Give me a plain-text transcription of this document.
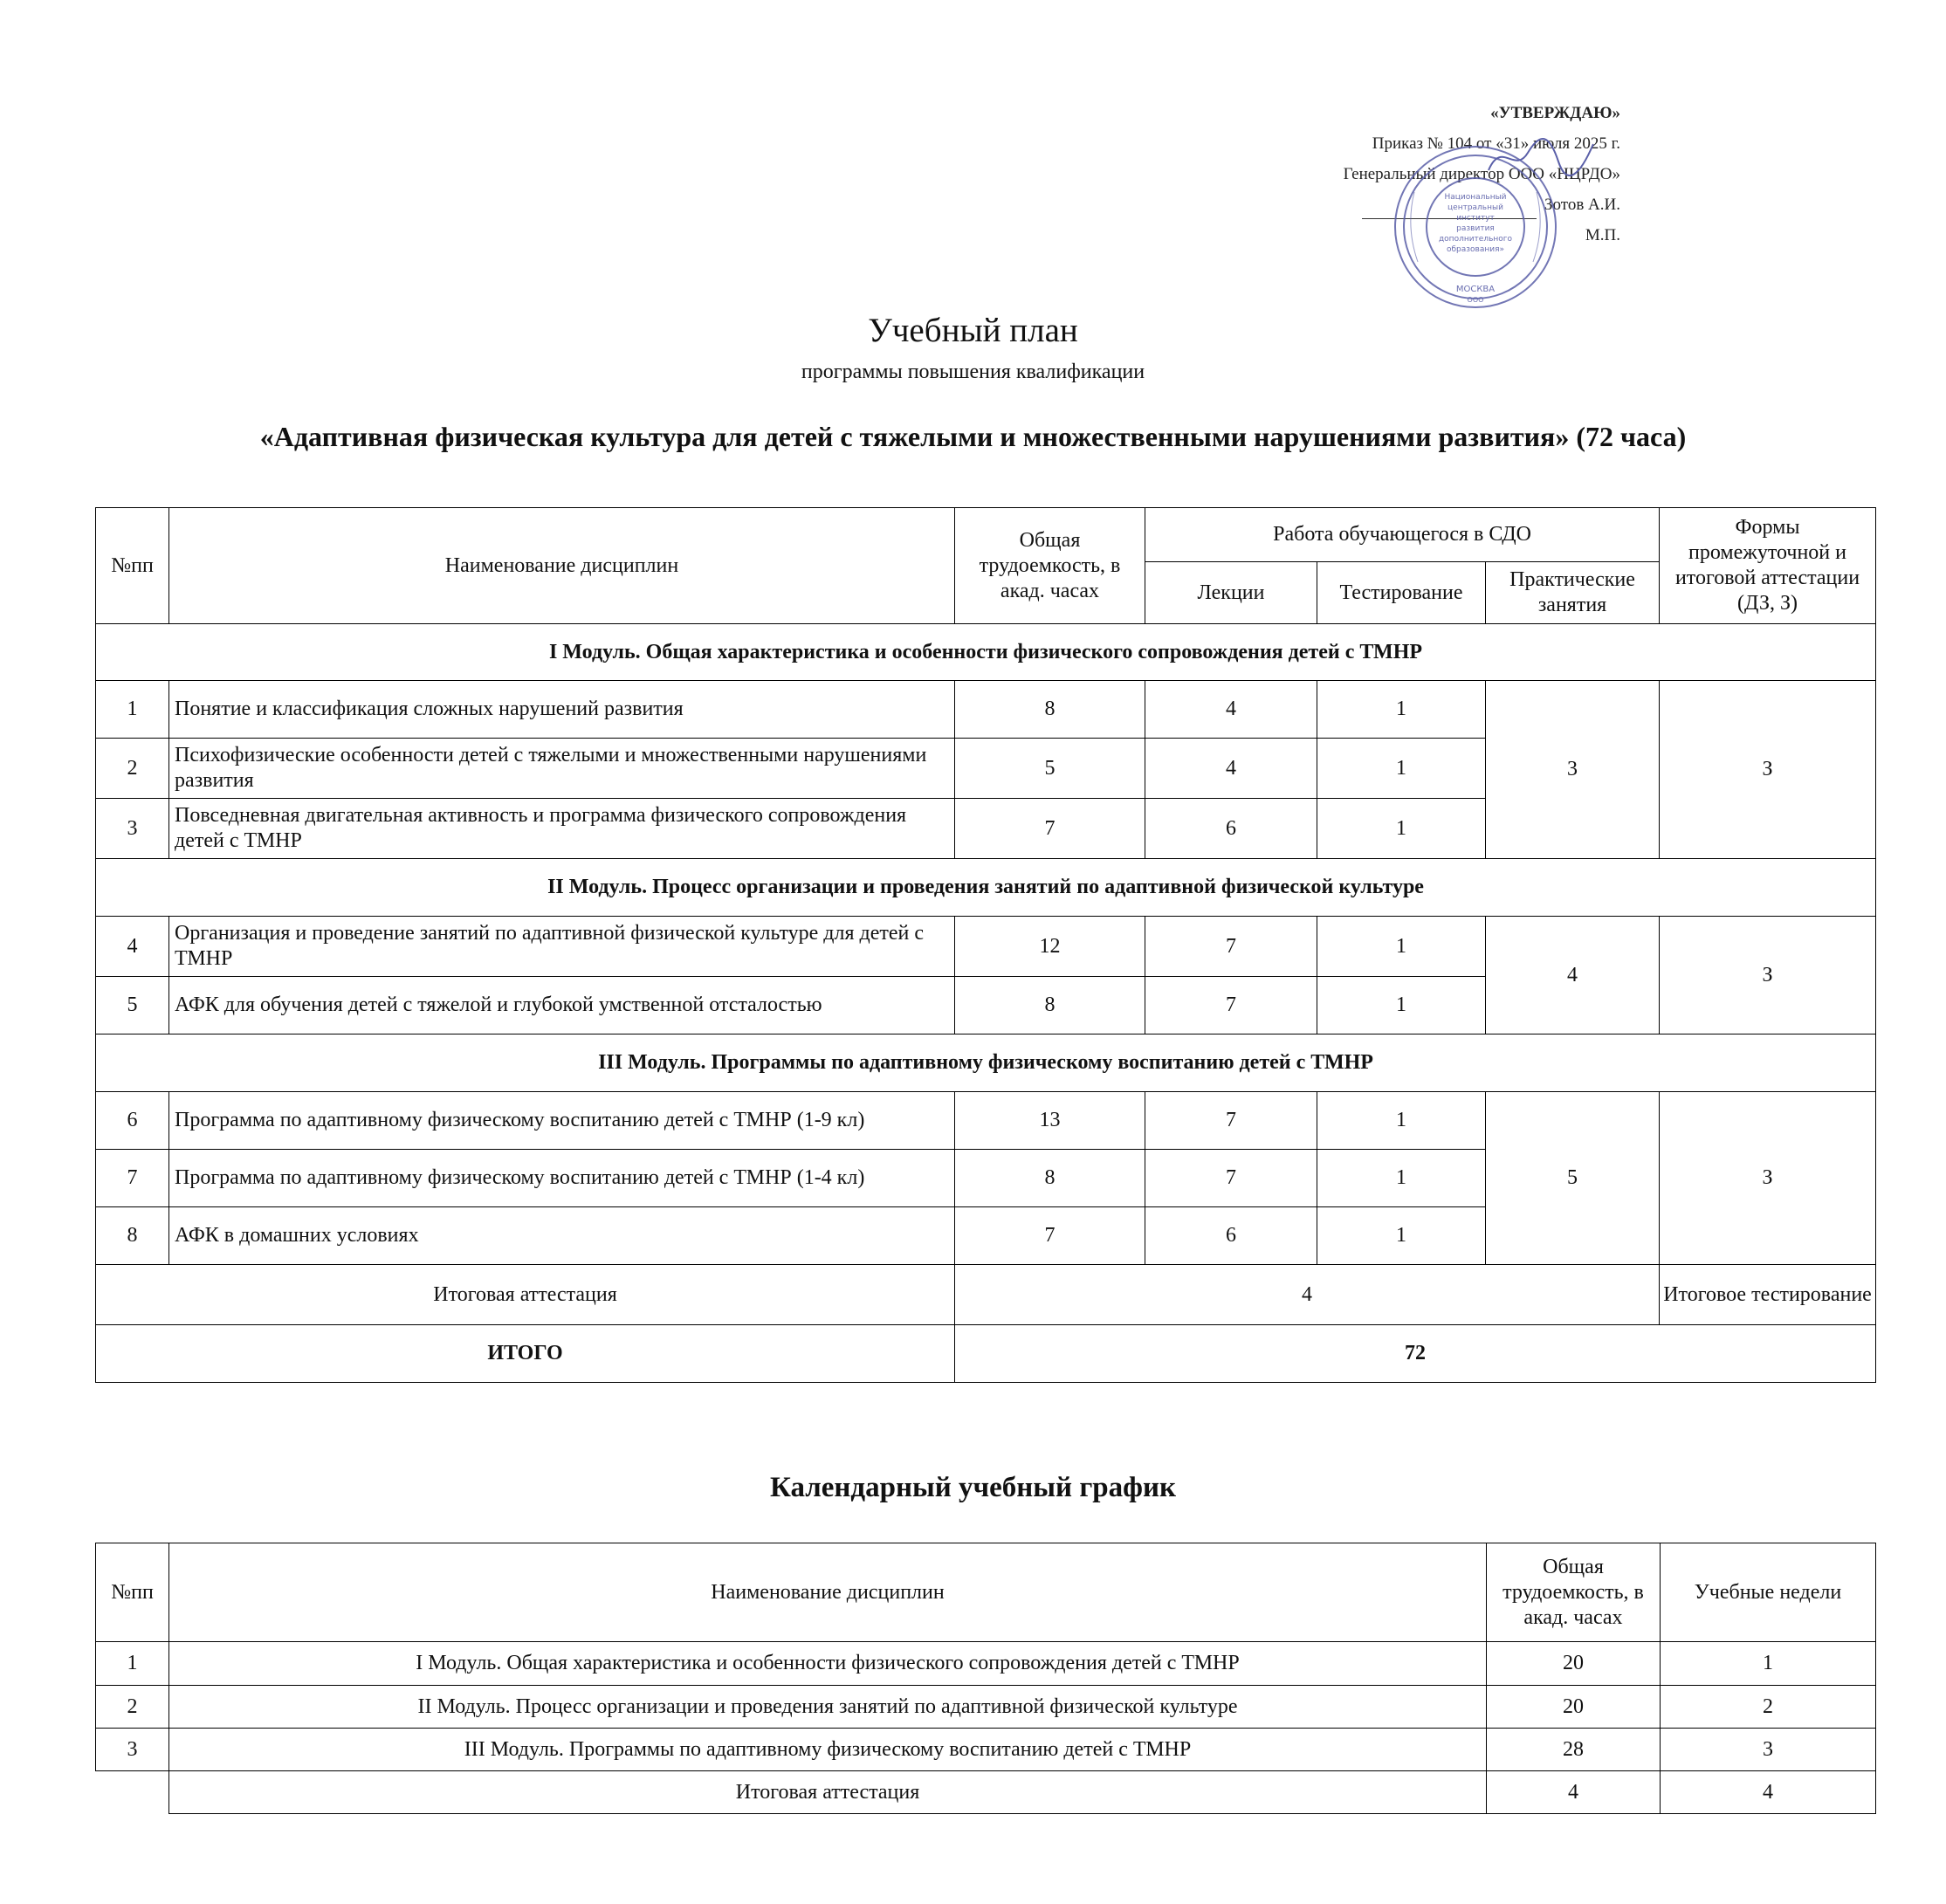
«УТВЕРЖДАЮ»
Приказ № 104 от «31» июля 2025 г.
Генеральный директор ООО «НЦРДО»
Зотов А.И.
М.П.
Национальный
центральный
институт
развития
дополнительного
образования»
МОСКВА
ООО
Учебный план
программы повышения квалификации
«Адаптивная физическая культура для детей с тяжелыми и множественными нарушениями развития» (72 часа)
№пп	Наименование дисциплин	Общая трудоемкость, в акад. часах	Работа обучающегося в СДО			Формы промежуточной и итоговой аттестации (ДЗ, З)
			Лекции	Тестирование	Практические занятия	
I Модуль. Общая характеристика и особенности физического сопровождения детей с ТМНР						
1	Понятие и классификация сложных нарушений развития	8	4	1	3	З
2	Психофизические особенности детей с тяжелыми и множественными нарушениями развития	5	4	1		
3	Повседневная двигательная активность и программа физического сопровождения детей с ТМНР	7	6	1		
II Модуль. Процесс организации и проведения занятий по адаптивной физической культуре						
4	Организация и проведение занятий по адаптивной физической культуре для детей с ТМНР	12	7	1	4	З
5	АФК для обучения детей с тяжелой и глубокой умственной отсталостью	8	7	1		
III Модуль. Программы по адаптивному физическому воспитанию детей с ТМНР						
6	Программа по адаптивному физическому воспитанию детей с ТМНР (1-9 кл)	13	7	1	5	З
7	Программа по адаптивному физическому воспитанию детей с ТМНР (1-4 кл)	8	7	1		
8	АФК в домашних условиях	7	6	1		
Итоговая аттестация		4				Итоговое тестирование
ИТОГО		72				
Календарный учебный график
№пп	Наименование дисциплин	Общая трудоемкость, в акад. часах	Учебные недели
1	I Модуль. Общая характеристика и особенности физического сопровождения детей с ТМНР	20	1
2	II Модуль. Процесс организации и проведения занятий по адаптивной физической культуре	20	2
3	III Модуль. Программы по адаптивному физическому воспитанию детей с ТМНР	28	3
	Итоговая аттестация	4	4
